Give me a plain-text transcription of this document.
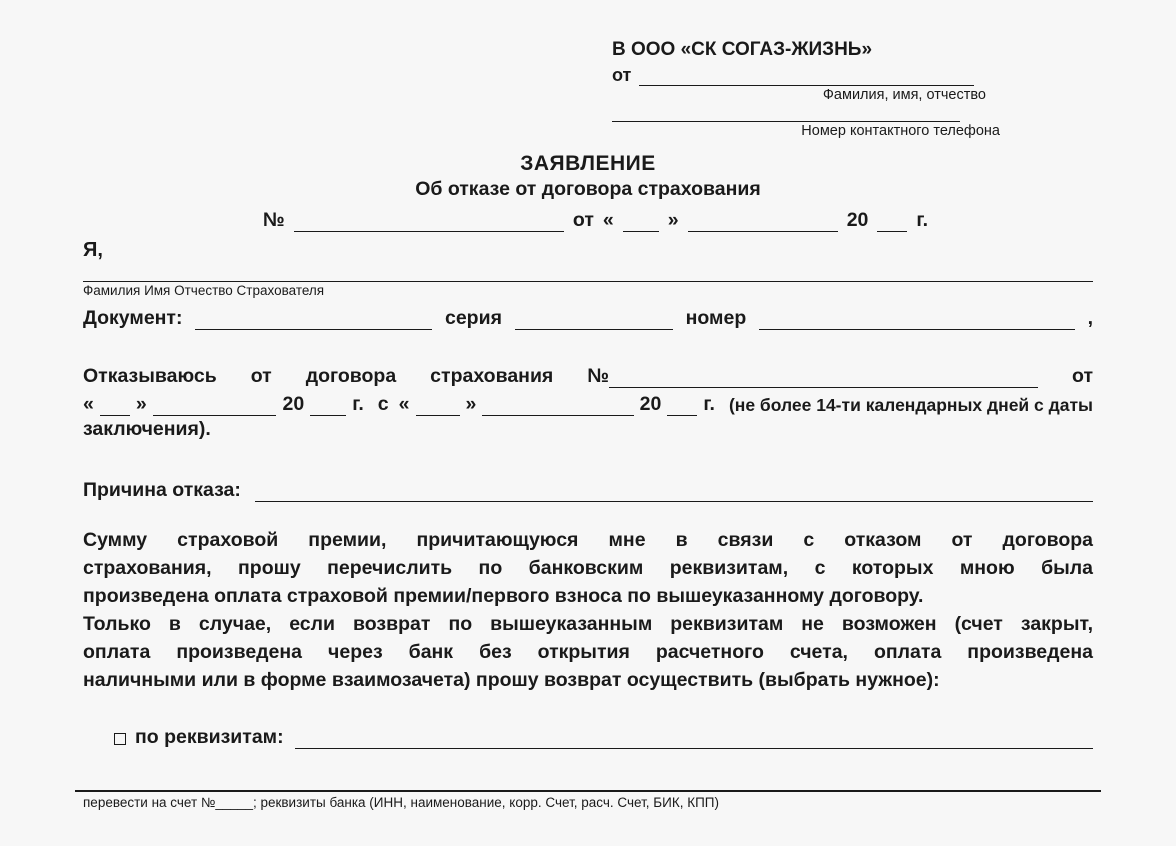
В ООО «СК СОГАЗ-ЖИЗНЬ»
от
Фамилия, имя, отчество
Номер контактного телефона
ЗАЯВЛЕНИЕ
Об отказе от договора страхования
№	от «	»	20 г.
Я,
Фамилия Имя Отчество Страхователя
Документ:	серия	номер	,
Отказываюсь от договора страхования №	от
« »	20 г. с «	»	20 г. (не более 14-ти календарных дней с даты
заключения).
Причина отказа:
Сумму страховой премии, причитающуюся мне в связи с отказом от договора
страхования, прошу перечислить по банковским реквизитам, с которых мною была
произведена оплата страховой премии/первого взноса по вышеуказанному договору.
Только в случае, если возврат по вышеуказанным реквизитам не возможен (счет закрыт,
оплата произведена через банк без открытия расчетного счета, оплата произведена
наличными или в форме взаимозачета) прошу возврат осуществить (выбрать нужное):
по реквизитам:
перевести на счет №_____; реквизиты банка (ИНН, наименование, корр. Счет, расч. Счет, БИК, КПП)
